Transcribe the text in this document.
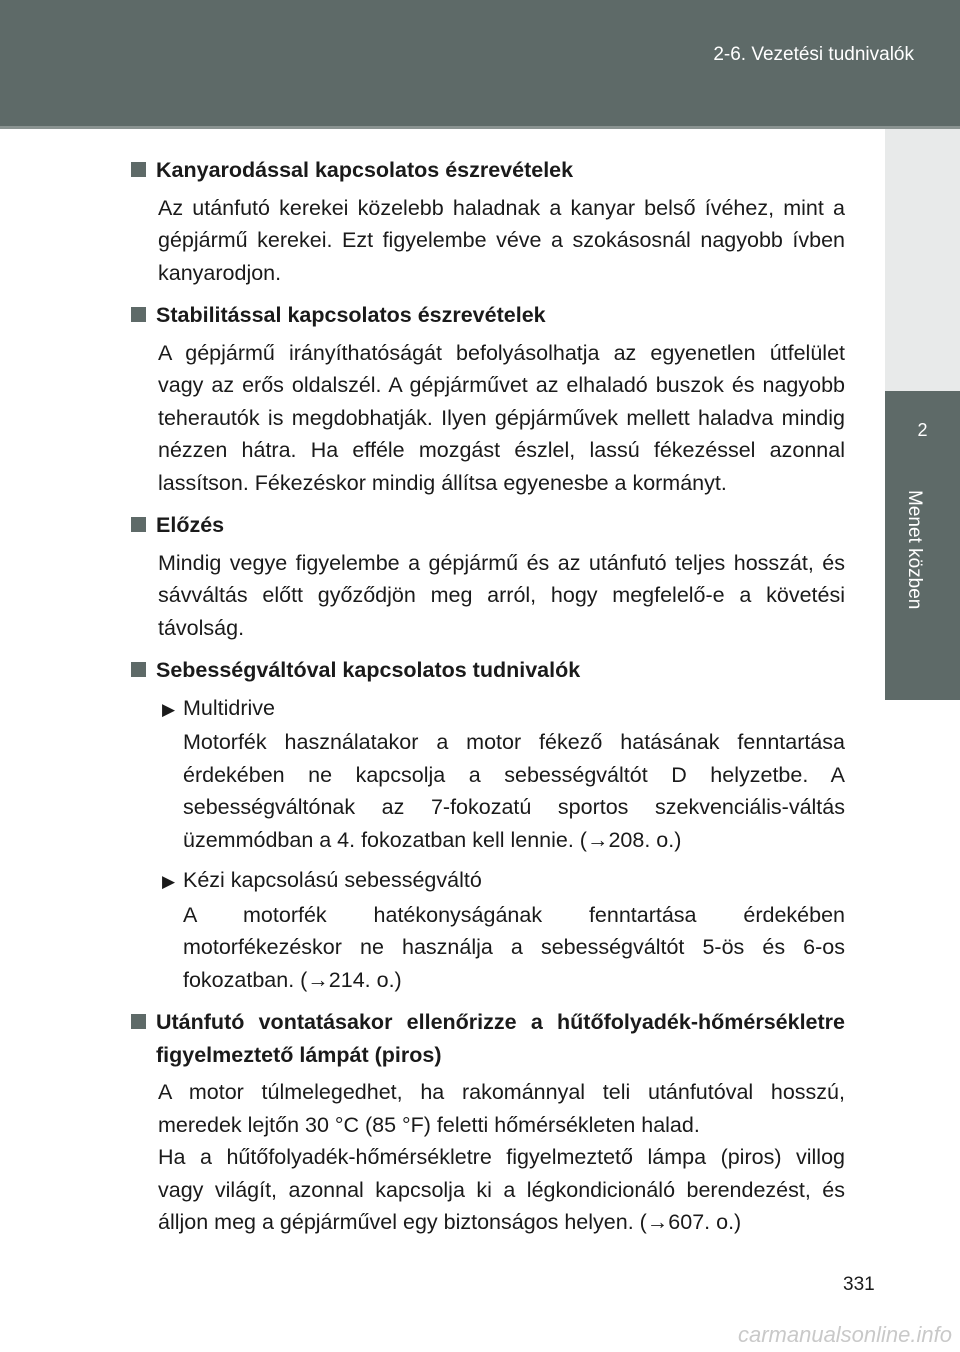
2-6. Vezetési tudnivalók
2
Menet közben
Kanyarodással kapcsolatos észrevételek
Az utánfutó kerekei közelebb haladnak a kanyar belső ívéhez, mint a gépjármű kerekei. Ezt figyelembe véve a szokásosnál nagyobb ívben kanyarodjon.
Stabilitással kapcsolatos észrevételek
A gépjármű irányíthatóságát befolyásolhatja az egyenetlen útfelület vagy az erős oldalszél. A gépjárművet az elhaladó buszok és nagyobb teherautók is megdobhatják. Ilyen gépjárművek mellett haladva mindig nézzen hátra. Ha efféle mozgást észlel, lassú fékezéssel azonnal lassítson. Fékezéskor mindig állítsa egyenesbe a kormányt.
Előzés
Mindig vegye figyelembe a gépjármű és az utánfutó teljes hosszát, és sávváltás előtt győződjön meg arról, hogy megfelelő-e a követési távolság.
Sebességváltóval kapcsolatos tudnivalók
▶ Multidrive
Motorfék használatakor a motor fékező hatásának fenntartása érdekében ne kapcsolja a sebességváltót D helyzetbe. A sebességváltónak az 7-fokozatú sportos szekvenciális-váltás üzemmódban a 4. fokozatban kell lennie. (→208. o.)
▶ Kézi kapcsolású sebességváltó
A motorfék hatékonyságának fenntartása érdekében motorfékezéskor ne használja a sebességváltót 5-ös és 6-os fokozatban. (→214. o.)
Utánfutó vontatásakor ellenőrizze a hűtőfolyadék-hőmérsékletre figyelmeztető lámpát (piros)
A motor túlmelegedhet, ha rakománnyal teli utánfutóval hosszú, meredek lejtőn 30 °C (85 °F) feletti hőmérsékleten halad.
Ha a hűtőfolyadék-hőmérsékletre figyelmeztető lámpa (piros) villog vagy világít, azonnal kapcsolja ki a légkondicionáló berendezést, és álljon meg a gépjárművel egy biztonságos helyen. (→607. o.)
331
carmanualsonline.info
